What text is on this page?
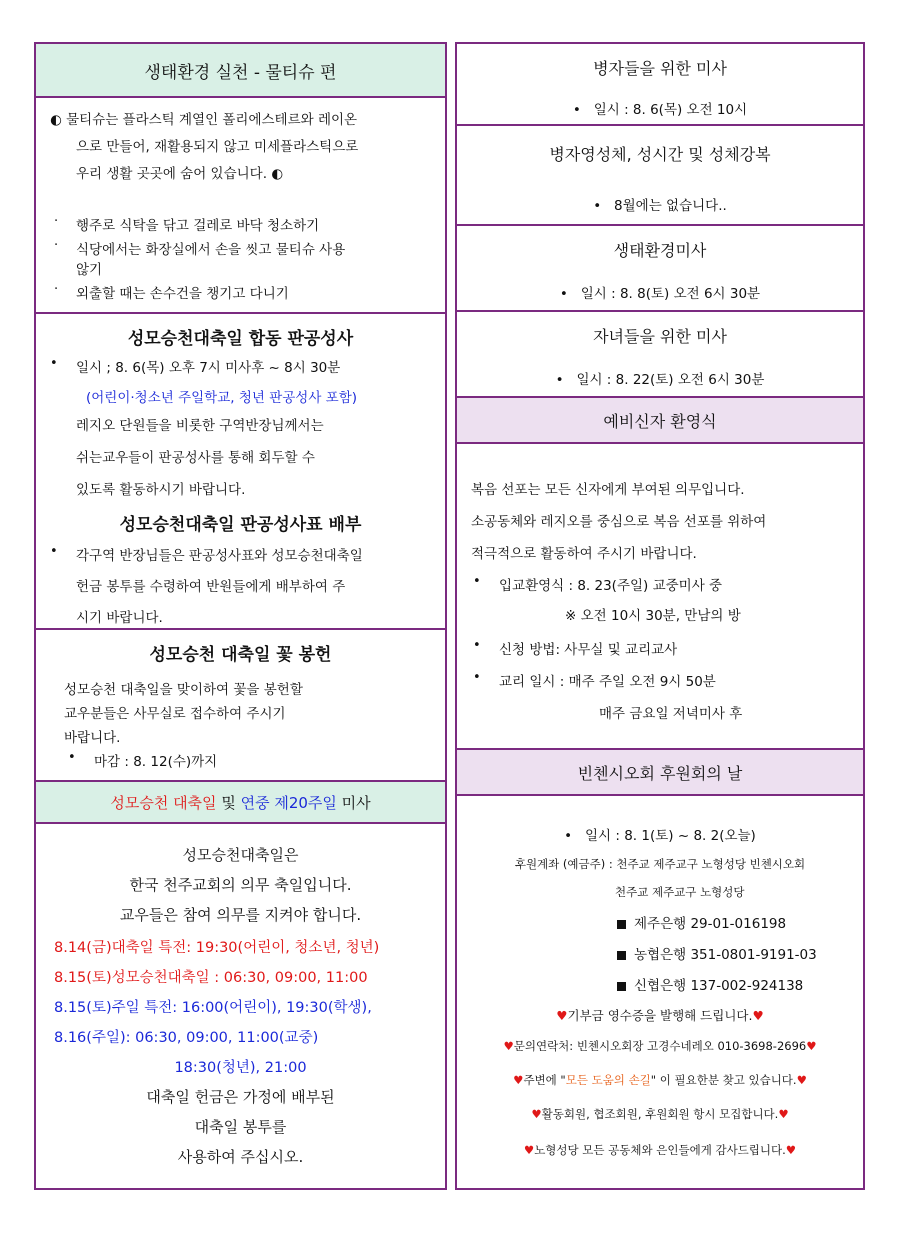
생태환경 실천 - 물티슈 편
◐ 물티슈는 플라스틱 계열인 폴리에스테르와 레이온
으로 만들어, 재활용되지 않고 미세플라스틱으로
우리 생활 곳곳에 숨어 있습니다. ◐
· 행주로 식탁을 닦고 걸레로 바닥 청소하기
· 식당에서는 화장실에서 손을 씻고 물티슈 사용
않기
· 외출할 때는 손수건을 챙기고 다니기
성모승천대축일 합동 판공성사
• 일시 ; 8. 6(목) 오후 7시 미사후 ~ 8시 30분
(어린이·청소년 주일학교, 청년 판공성사 포함)
레지오 단원들을 비롯한 구역반장님께서는
쉬는교우들이 판공성사를 통해 회두할 수
있도록 활동하시기 바랍니다.
성모승천대축일 판공성사표 배부
• 각구역 반장님들은 판공성사표와 성모승천대축일
헌금 봉투를 수령하여 반원들에게 배부하여 주
시기 바랍니다.
성모승천 대축일 꽃 봉헌
성모승천 대축일을 맞이하여 꽃을 봉헌할
교우분들은 사무실로 접수하여 주시기
바랍니다.
• 마감 : 8. 12(수)까지
성모승천 대축일 및 연중 제20주일 미사
성모승천대축일은
한국 천주교회의 의무 축일입니다.
교우들은 참여 의무를 지켜야 합니다.
8.14(금)대축일 특전: 19:30(어린이, 청소년, 청년)
8.15(토)성모승천대축일 : 06:30, 09:00, 11:00
8.15(토)주일 특전: 16:00(어린이), 19:30(학생),
8.16(주일): 06:30, 09:00, 11:00(교중)
18:30(청년), 21:00
대축일 헌금은 가정에 배부된
대축일 봉투를
사용하여 주십시오.
병자들을 위한 미사
•   일시 : 8. 6(목) 오전 10시
병자영성체, 성시간 및 성체강복
•   8월에는 없습니다..
생태환경미사
•   일시 : 8. 8(토) 오전 6시 30분
자녀들을 위한 미사
•   일시 : 8. 22(토) 오전 6시 30분
예비신자 환영식
복음 선포는 모든 신자에게 부여된 의무입니다.
소공동체와 레지오를 중심으로 복음 선포를 위하여
적극적으로 활동하여 주시기 바랍니다.
• 입교환영식 : 8. 23(주일) 교중미사 중
※ 오전 10시 30분, 만남의 방
• 신청 방법: 사무실 및 교리교사
• 교리 일시 : 매주 주일 오전 9시 50분
매주 금요일 저녁미사 후
빈첸시오회 후원회의 날
•   일시 : 8. 1(토) ~ 8. 2(오늘)
후원계좌 (예금주) : 천주교 제주교구 노형성당 빈첸시오회
천주교 제주교구 노형성당
제주은행 29-01-016198
농협은행 351-0801-9191-03
신협은행 137-002-924138
♥기부금 영수증을 발행해 드립니다.♥
♥문의연락처: 빈첸시오회장 고경수네레오 010-3698-2696♥
♥주변에 "모든 도움의 손길" 이 필요한분 찾고 있습니다.♥
♥활동회원, 협조회원, 후원회원 항시 모집합니다.♥
♥노형성당 모든 공동체와 은인들에게 감사드립니다.♥
